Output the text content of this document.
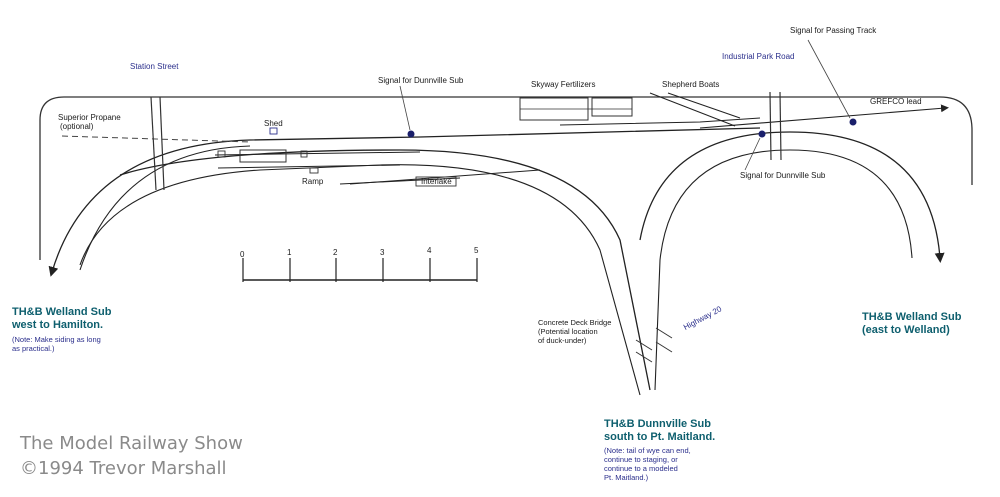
0	1	2	3	4	5
Station Street
Superior Propane
(optional)	Shed
Signal for Dunnville Sub	Skyway Fertilizers	Shepherd Boats
Industrial Park Road
Signal for Passing Track
GREFCO lead
Signal for Dunnville Sub
Ramp	Interlake
Concrete Deck Bridge
(Potential location
of duck-under)
Highway 20
TH&B Welland Sub
west to Hamilton.
(Note: Make siding as long
as practical.)
TH&B Welland Sub
(east to Welland)
TH&B Dunnville Sub
south to Pt. Maitland.
(Note: tail of wye can end,
continue to staging, or
continue to a modeled
Pt. Maitland.)
The Model Railway Show
©1994 Trevor Marshall
